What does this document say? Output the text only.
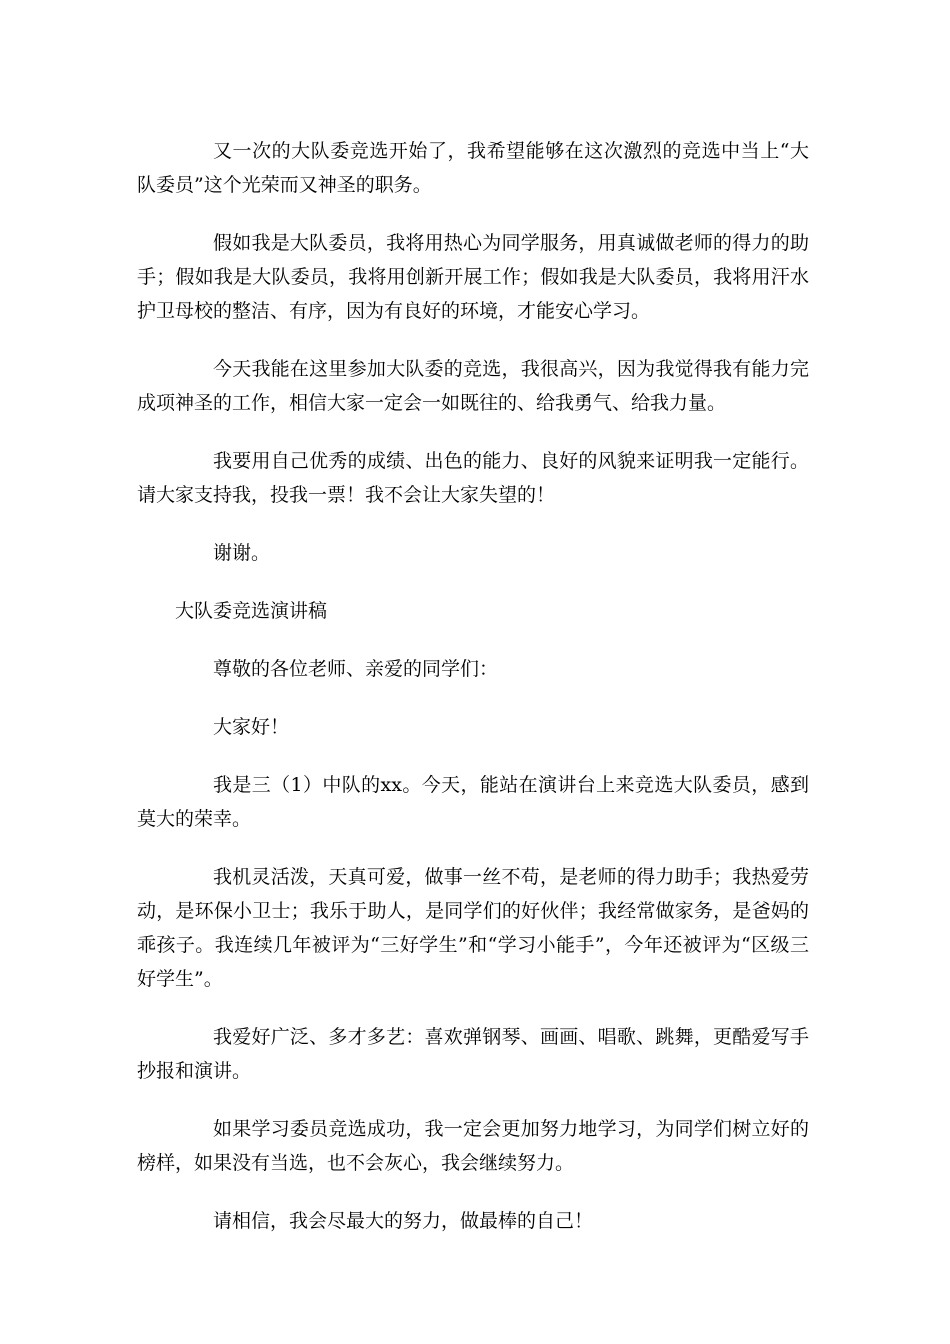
又一次的大队委竞选开始了，我希望能够在这次激烈的竞选中当上“大队委员”这个光荣而又神圣的职务。

假如我是大队委员，我将用热心为同学服务，用真诚做老师的得力的助手；假如我是大队委员，我将用创新开展工作；假如我是大队委员，我将用汗水护卫母校的整洁、有序，因为有良好的环境，才能安心学习。

今天我能在这里参加大队委的竞选，我很高兴，因为我觉得我有能力完成项神圣的工作，相信大家一定会一如既往的、给我勇气、给我力量。

我要用自己优秀的成绩、出色的能力、良好的风貌来证明我一定能行。请大家支持我，投我一票！我不会让大家失望的！

谢谢。

大队委竞选演讲稿

尊敬的各位老师、亲爱的同学们：

大家好！

我是三（1）中队的xx。今天，能站在演讲台上来竞选大队委员，感到莫大的荣幸。

我机灵活泼，天真可爱，做事一丝不苟，是老师的得力助手；我热爱劳动，是环保小卫士；我乐于助人，是同学们的好伙伴；我经常做家务，是爸妈的乖孩子。我连续几年被评为“三好学生”和“学习小能手”，今年还被评为“区级三好学生”。

我爱好广泛、多才多艺：喜欢弹钢琴、画画、唱歌、跳舞，更酷爱写手抄报和演讲。

如果学习委员竞选成功，我一定会更加努力地学习，为同学们树立好的榜样，如果没有当选，也不会灰心，我会继续努力。

请相信，我会尽最大的努力，做最棒的自己！
